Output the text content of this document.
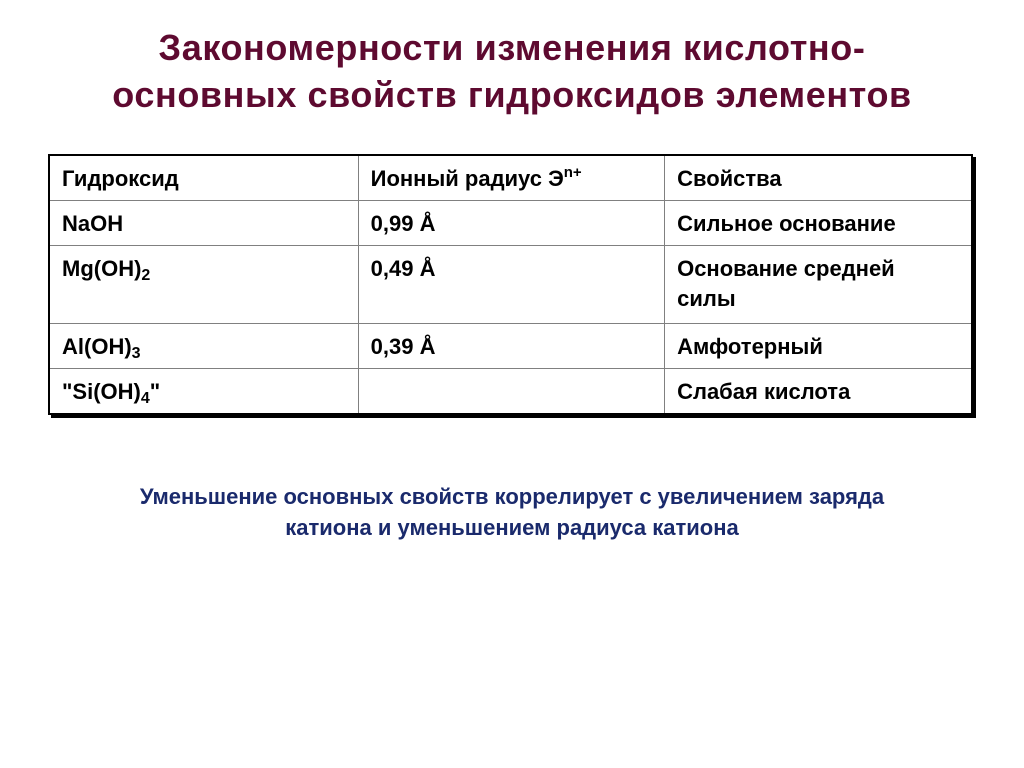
Закономерности изменения кислотно-
основных свойств гидроксидов элементов
Гидроксид	Ионный радиус $Э^{n+}$	Свойства
NaOH	0,99 Å	Сильное основание
$Mg(OH)_2$	0,49 Å	Основание средней силы
$Al(OH)_3$	0,39 Å	Амфотерный
"$Si(OH)_4$"		Слабая кислота
Уменьшение основных свойств коррелирует с увеличением заряда
катиона и уменьшением радиуса катиона
